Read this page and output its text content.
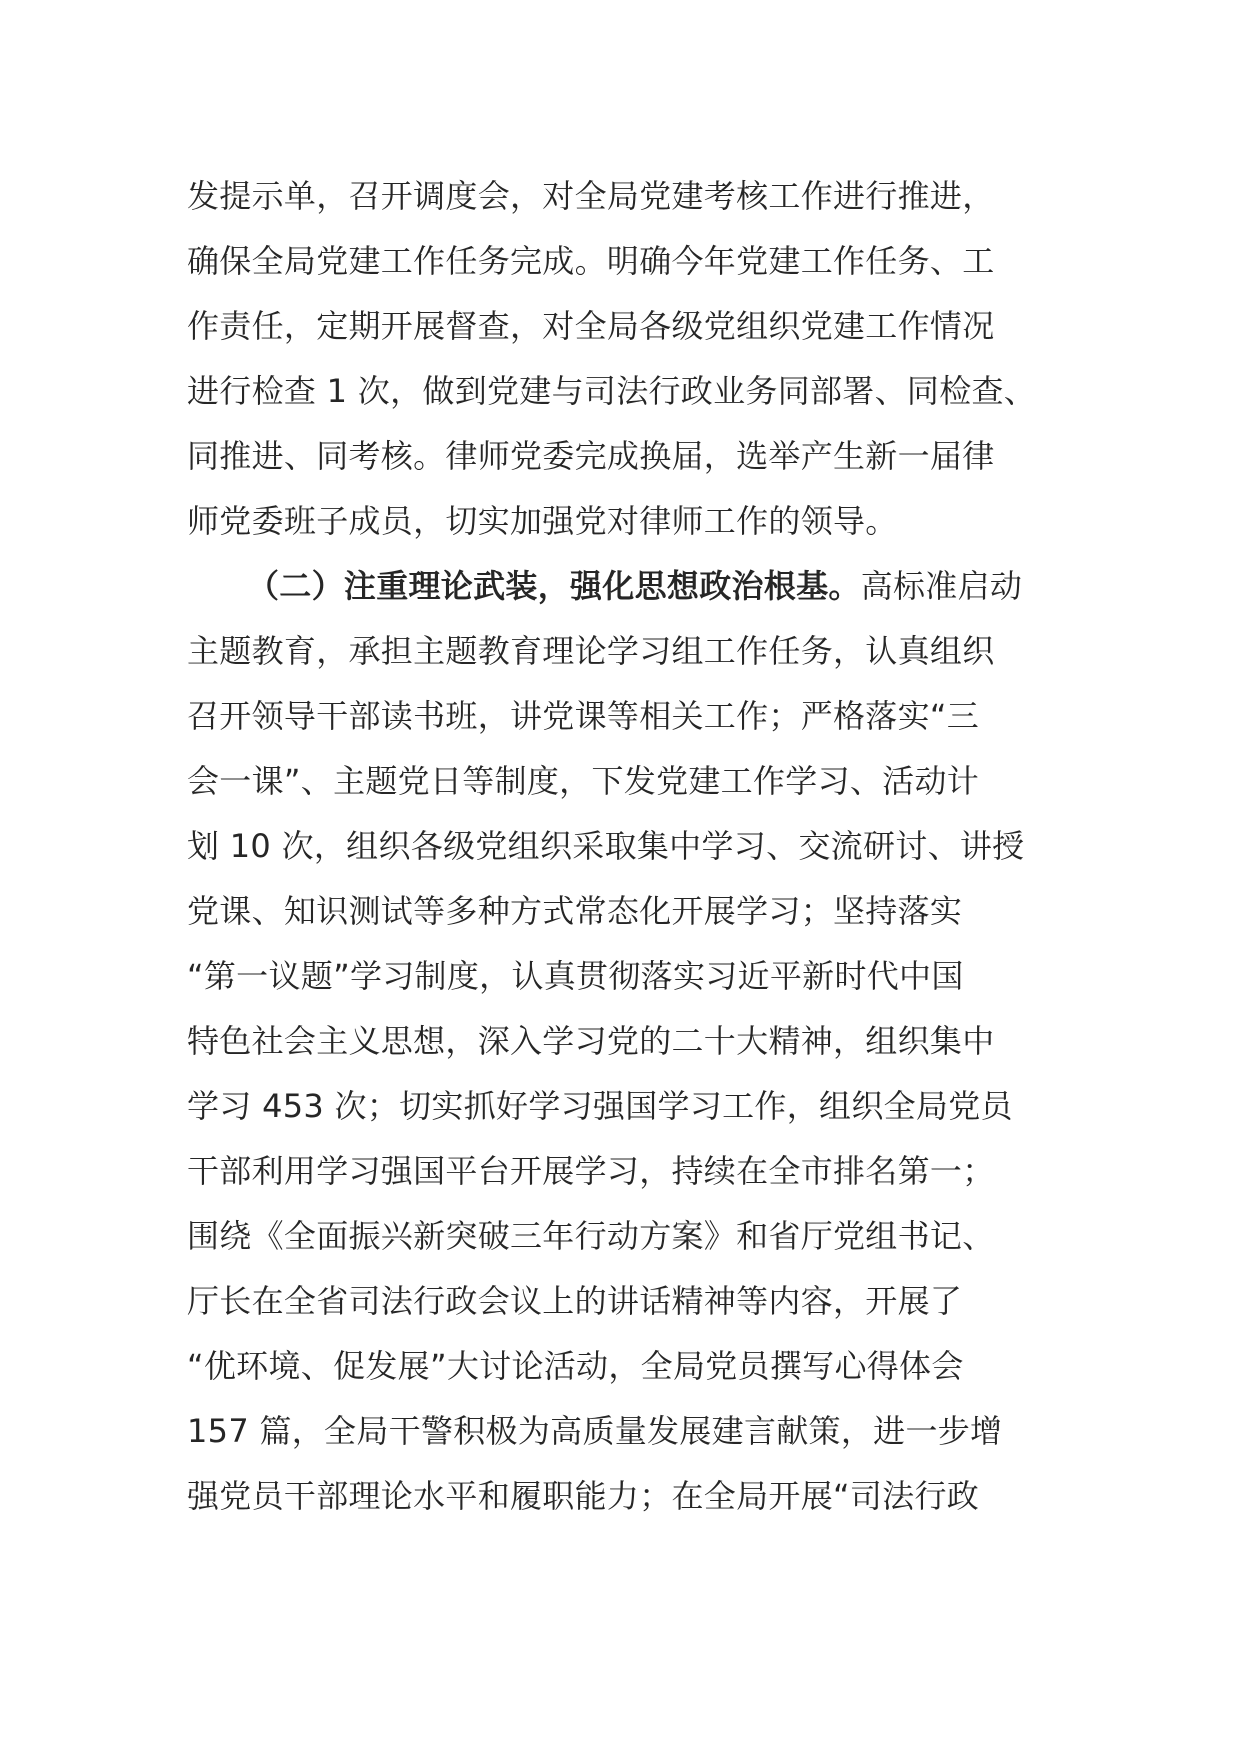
发提示单，召开调度会，对全局党建考核工作进行推进，
确保全局党建工作任务完成。明确今年党建工作任务、工
作责任，定期开展督查，对全局各级党组织党建工作情况
进行检查 1 次，做到党建与司法行政业务同部署、同检查、
同推进、同考核。律师党委完成换届，选举产生新一届律
师党委班子成员，切实加强党对律师工作的领导。
（二）注重理论武装，强化思想政治根基。高标准启动
主题教育，承担主题教育理论学习组工作任务，认真组织
召开领导干部读书班，讲党课等相关工作；严格落实“三
会一课”、主题党日等制度，下发党建工作学习、活动计
划 10 次，组织各级党组织采取集中学习、交流研讨、讲授
党课、知识测试等多种方式常态化开展学习；坚持落实
“第一议题”学习制度，认真贯彻落实习近平新时代中国
特色社会主义思想，深入学习党的二十大精神，组织集中
学习 453 次；切实抓好学习强国学习工作，组织全局党员
干部利用学习强国平台开展学习，持续在全市排名第一；
围绕《全面振兴新突破三年行动方案》和省厅党组书记、
厅长在全省司法行政会议上的讲话精神等内容，开展了
“优环境、促发展”大讨论活动，全局党员撰写心得体会
157 篇，全局干警积极为高质量发展建言献策，进一步增
强党员干部理论水平和履职能力；在全局开展“司法行政
